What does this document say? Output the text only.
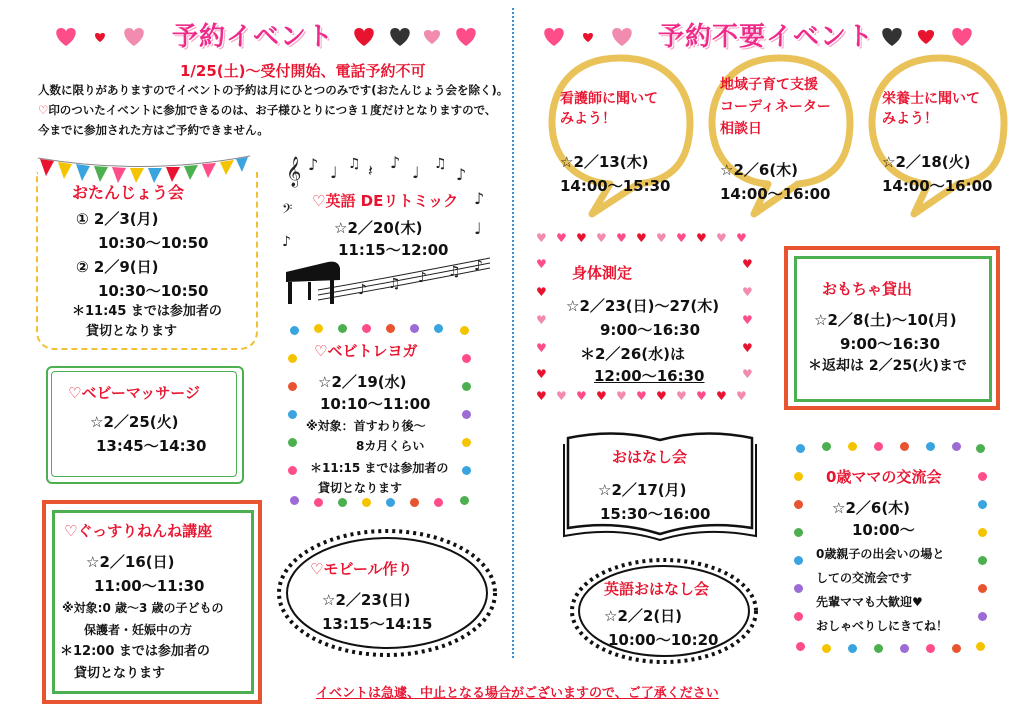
予約イベント
1/25(土)～受付開始、電話予約不可
人数に限りがありますのでイベントの予約は月にひとつのみです(おたんじょう会を除く)。
♡印のついたイベントに参加できるのは、お子様ひとりにつき１度だけとなりますので、
今までに参加された方はご予約できません。
おたんじょう会
① 2／3(月)
10:30～10:50
② 2／9(日)
10:30～10:50
＊11:45 までは参加者の
貸切となります
𝄞 ♪ ♩ ♫ 𝄽 ♪
♩ ♫
♪
♪
♩
𝄢
♪
♪ ♫ ♪ ♫ ♪
♡英語 DEリトミック
☆2／20(木)
11:15～12:00
♡ベビーマッサージ
☆2／25(火)
13:45～14:30
♡ベビトレヨガ
☆2／19(水)
10:10～11:00
※対象：首すわり後～
8カ月くらい
＊11:15 までは参加者の
貸切となります
♡ぐっすりねんね講座
☆2／16(日)
11:00～11:30
※対象:0 歳～3 歳の子どもの
保護者・妊娠中の方
＊12:00 までは参加者の
貸切となります
♡モビール作り
☆2／23(日)
13:15～14:15
予約不要イベント
看護師に聞いて
みよう！
☆2／13(木)
14:00～15:30
地域子育て支援
コーディネーター
相談日
☆2／6(木)
14:00～16:00
栄養士に聞いて
みよう！
☆2／18(火)
14:00～16:00
♥ ♥ ♥ ♥ ♥ ♥ ♥ ♥ ♥ ♥ ♥
♥ ♥ ♥ ♥ ♥ ♥ ♥ ♥ ♥ ♥ ♥
♥
♥
♥
♥
♥
♥
♥
♥
♥
♥
身体測定
☆2／23(日)～27(木)
9:00～16:30
＊2／26(水)は
12:00～16:30
おもちゃ貸出
☆2／8(土)～10(月)
9:00～16:30
＊返却は 2／25(火)まで
おはなし会
☆2／17(月)
15:30～16:00
英語おはなし会
☆2／2(日)
10:00～10:20
0歳ママの交流会
☆2／6(木)
10:00～
0歳親子の出会いの場と
しての交流会です
先輩ママも大歓迎♥
おしゃべりしにきてね！
イベントは急遽、中止となる場合がございますので、ご了承ください
